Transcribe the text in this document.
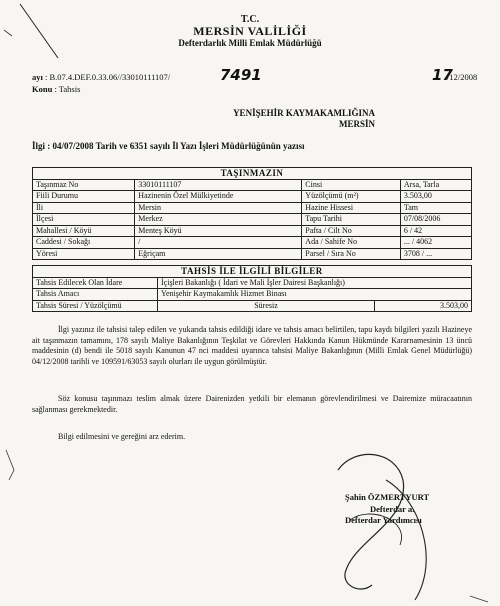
T.C.
MERSİN VALİLİĞİ
Defterdarlık Milli Emlak Müdürlüğü
ayı : B.07.4.DEF.0.33.06//33010111107/	7491	17
/12/2008
Konu : Tahsis
YENİŞEHİR KAYMAKAMLIĞINA
MERSİN
İlgi : 04/07/2008 Tarih ve 6351 sayılı İl Yazı İşleri Müdürlüğünün yazısı
TAŞINMAZIN			
Taşınmaz No	33010111107	Cinsi	Arsa, Tarla
Fiili Durumu	Hazinenin Özel Mülkiyetinde	Yüzölçümü (m²)	3.503,00
İli	Mersin	Hazine Hissesi	Tam
İlçesi	Merkez	Tapu Tarihi	07/08/2006
Mahallesi / Köyü	Menteş Köyü	Pafta / Cilt No	6 / 42
Caddesi / Sokağı	/	Ada / Sahife No	... / 4062
Yöresi	Eğriçam	Parsel / Sıra No	3708 / ...
TAHSİS İLE İLGİLİ BİLGİLER		
Tahsis Edilecek Olan İdare	İçişleri Bakanlığı ( İdari ve Mali İşler Dairesi Başkanlığı)	
Tahsis Amacı	Yenişehir Kaymakamlık Hizmet Binası	
Tahsis Süresi / Yüzölçümü	Süresiz	3.503,00
İlgi yazınız ile tahsisi talep edilen ve yukarıda tahsis edildiği idare ve tahsis amacı belirtilen, tapu kaydı bilgileri yazılı Hazineye ait taşınmazın tamamını, 178 sayılı Maliye Bakanlığının Teşkilat ve Görevleri Hakkında Kanun Hükmünde Kararnamesinin 13 üncü maddesinin (d) bendi ile 5018 sayılı Kanunun 47 nci maddesi uyarınca tahsisi Maliye Bakanlığının (Milli Emlak Genel Müdürlüğü) 04/12/2008 tarihli ve 109591/63053 sayılı olurları ile uygun görülmüştür.
Söz konusu taşınmazı teslim almak üzere Dairenizden yetkili bir elemanın görevlendirilmesi ve Dairemize müracaatının sağlanması gerekmektedir.
Bilgi edilmesini ve gereğini arz ederim.
Şahin ÖZMERTYURT
Defterdar a.
Defterdar Yardımcısı
